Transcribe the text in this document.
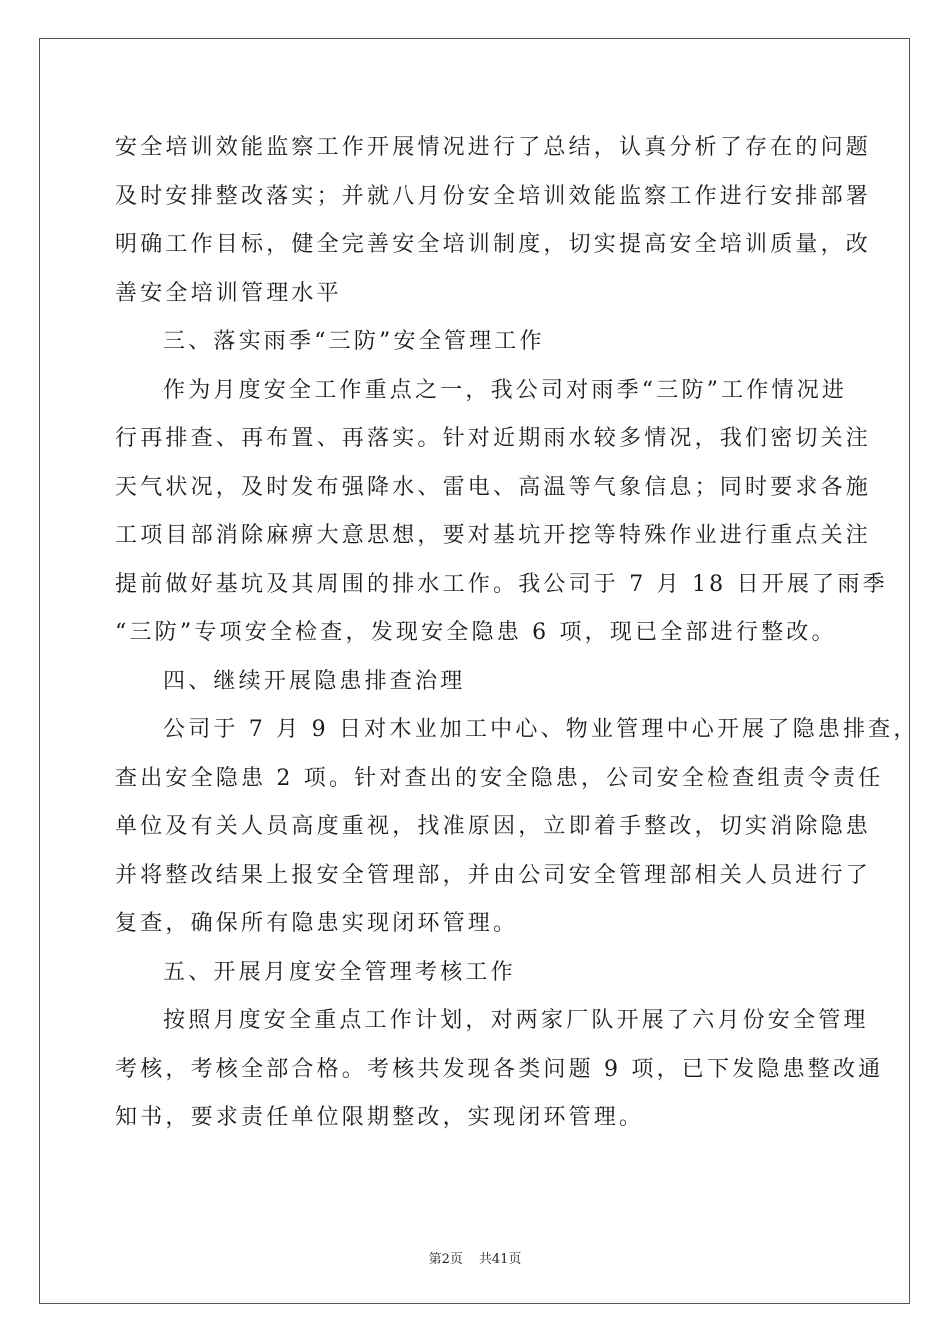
安全培训效能监察工作开展情况进行了总结，认真分析了存在的问题
及时安排整改落实；并就八月份安全培训效能监察工作进行安排部署
明确工作目标，健全完善安全培训制度，切实提高安全培训质量，改
善安全培训管理水平
三、落实雨季“三防”安全管理工作
作为月度安全工作重点之一，我公司对雨季“三防”工作情况进
行再排查、再布置、再落实。针对近期雨水较多情况，我们密切关注
天气状况，及时发布强降水、雷电、高温等气象信息；同时要求各施
工项目部消除麻痹大意思想，要对基坑开挖等特殊作业进行重点关注
提前做好基坑及其周围的排水工作。我公司于 7 月 18 日开展了雨季
“三防”专项安全检查，发现安全隐患 6 项，现已全部进行整改。
四、继续开展隐患排查治理
公司于 7 月 9 日对木业加工中心、物业管理中心开展了隐患排查，
查出安全隐患 2 项。针对查出的安全隐患，公司安全检查组责令责任
单位及有关人员高度重视，找准原因，立即着手整改，切实消除隐患
并将整改结果上报安全管理部，并由公司安全管理部相关人员进行了
复查，确保所有隐患实现闭环管理。
五、开展月度安全管理考核工作
按照月度安全重点工作计划，对两家厂队开展了六月份安全管理
考核，考核全部合格。考核共发现各类问题 9 项，已下发隐患整改通
知书，要求责任单位限期整改，实现闭环管理。
第2页 共41页
